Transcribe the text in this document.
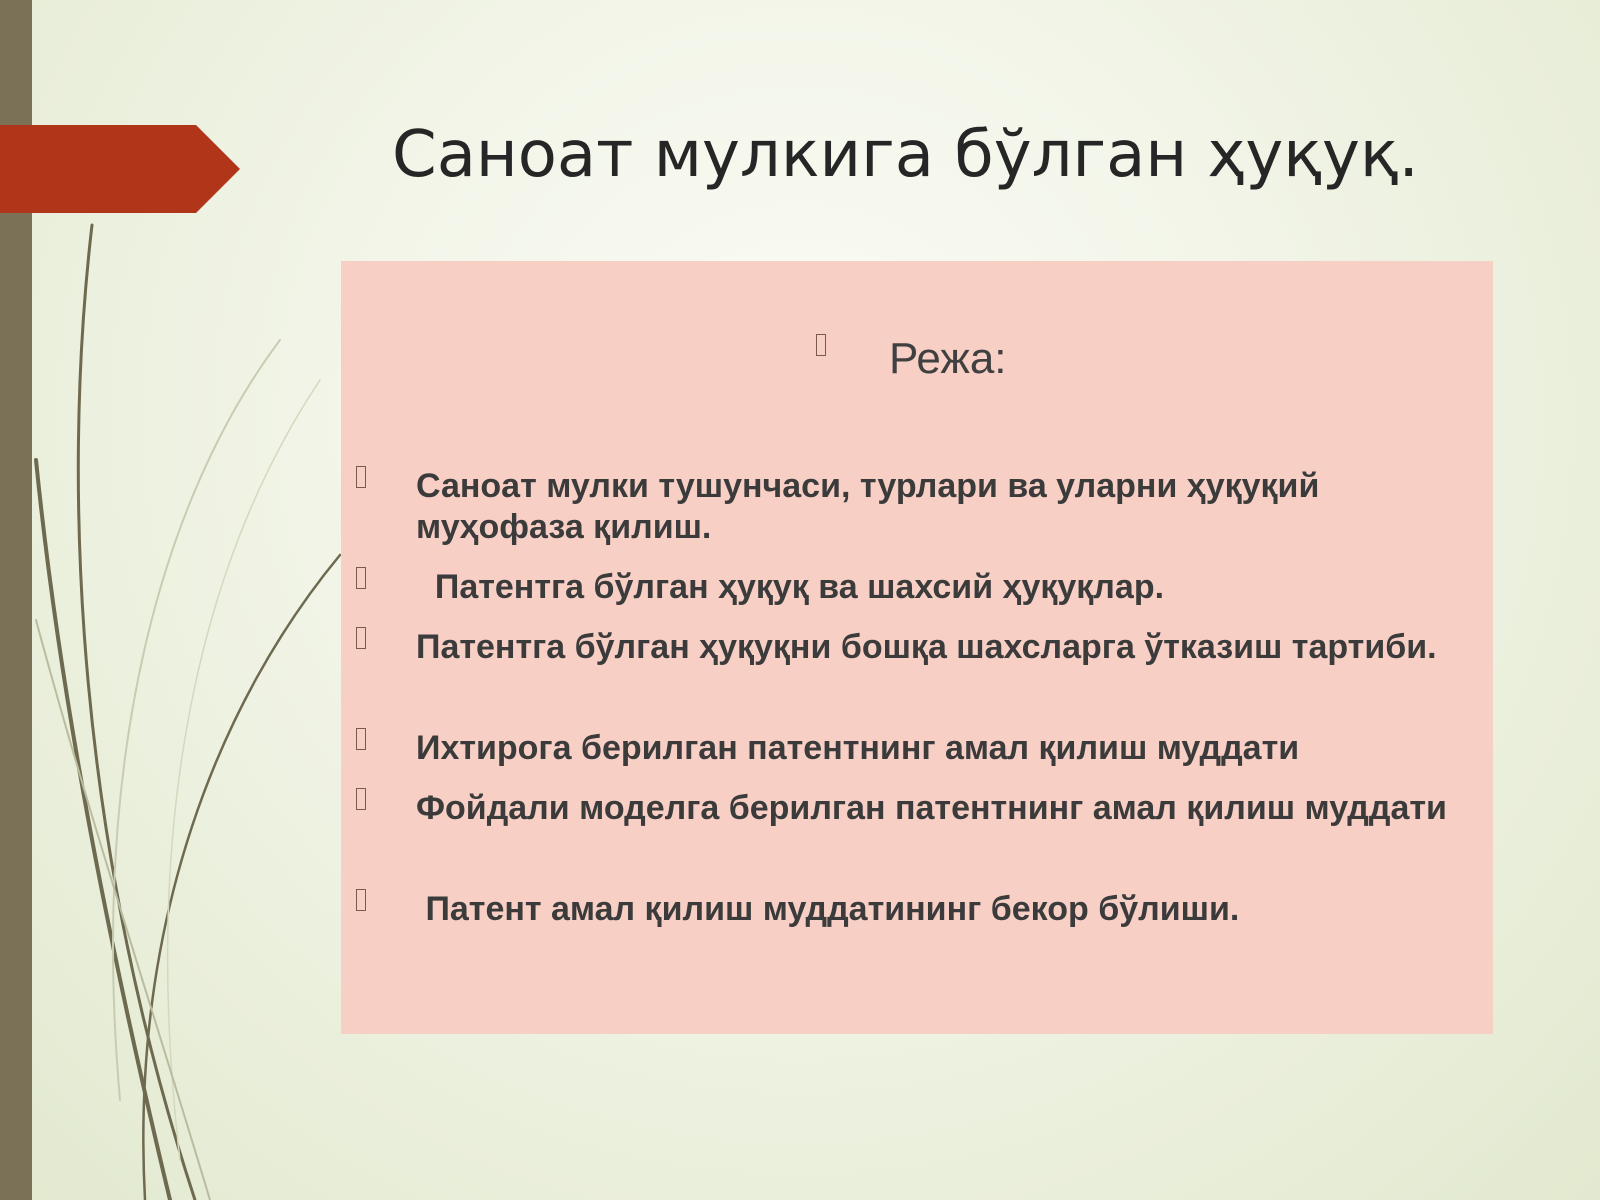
Саноат мулкига бўлган ҳуқуқ.
Режа:
Саноат мулки тушунчаси, турлари ва уларни ҳуқуқий муҳофаза қилиш.
Патентга бўлган ҳуқуқ ва шахсий ҳуқуқлар.
Патентга бўлган ҳуқуқни бошқа шахсларга ўтказиш тартиби.
Ихтирога берилган патентнинг амал қилиш муддати
Фойдали моделга берилган патентнинг амал қилиш муддати
Патент амал қилиш муддатининг бекор бўлиши.
